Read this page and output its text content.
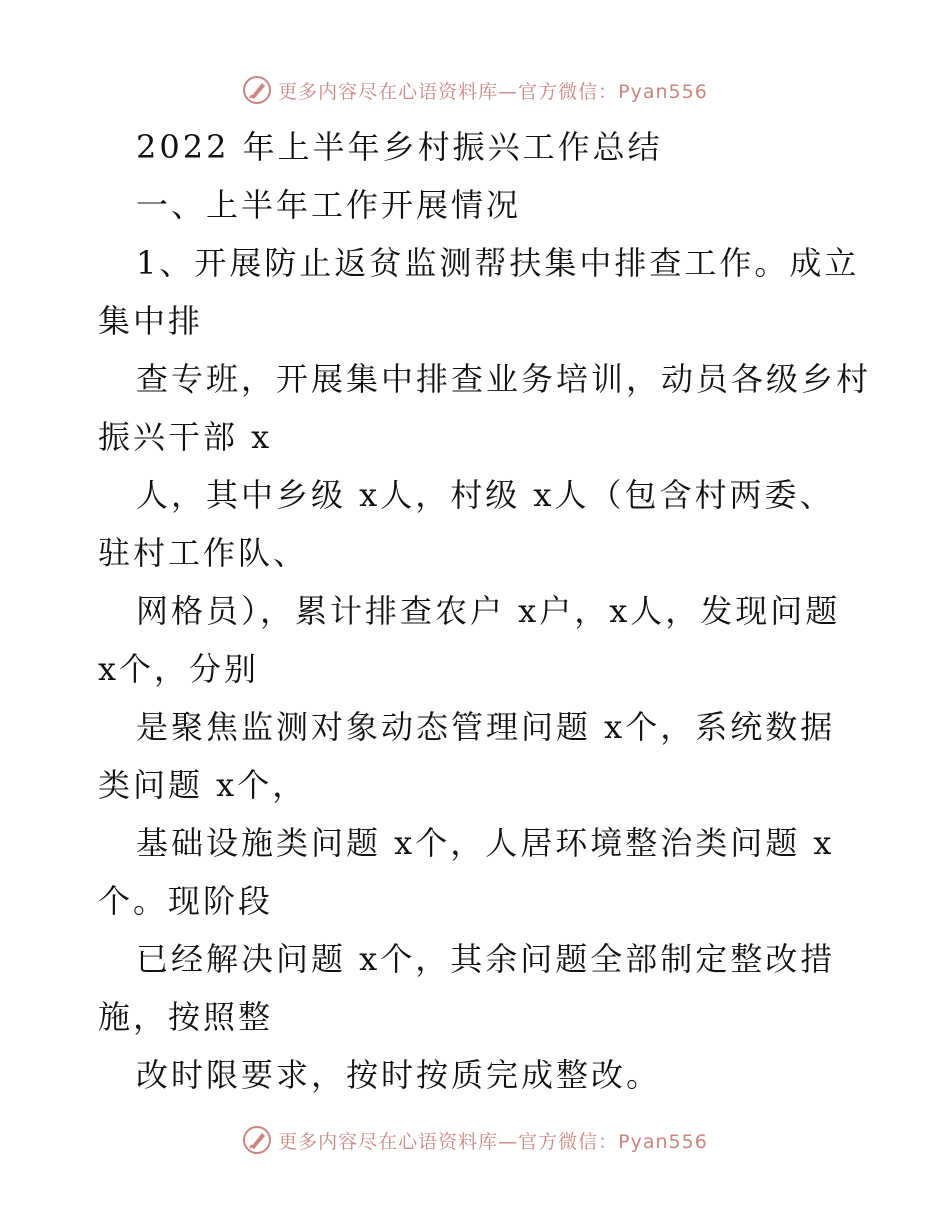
更多内容尽在心语资料库—官方微信：Pyan556
2022 年上半年乡村振兴工作总结
一、上半年工作开展情况
1、开展防止返贫监测帮扶集中排查工作。成立
集中排
查专班，开展集中排查业务培训，动员各级乡村
振兴干部 x
人，其中乡级 x人，村级 x人（包含村两委、
驻村工作队、
网格员），累计排查农户 x户，x人，发现问题
x个，分别
是聚焦监测对象动态管理问题 x个，系统数据
类问题 x个，
基础设施类问题 x个，人居环境整治类问题 x
个。现阶段
已经解决问题 x个，其余问题全部制定整改措
施，按照整
改时限要求，按时按质完成整改。
更多内容尽在心语资料库—官方微信：Pyan556
